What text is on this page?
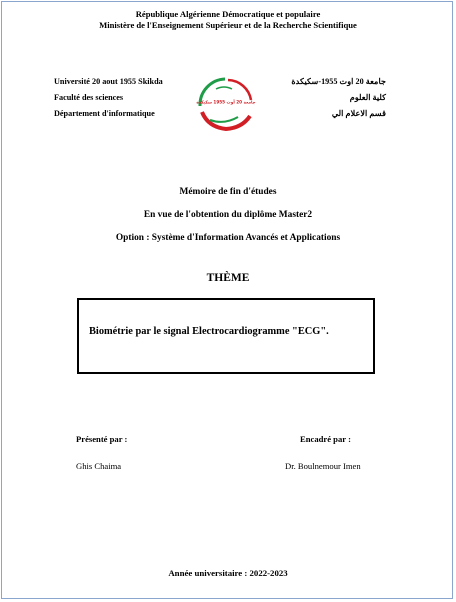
République Algérienne Démocratique et populaire
Ministère de l'Enseignement Supérieur et de la Recherche Scientifique
Université 20 aout 1955 Skikda
Faculté des sciences
Département d'informatique
جامعة 20 أوت 1955 سكيكدة
جامعة 20 اوت 1955-سكيكدة
كلية العلوم
قسم الاعلام الي
Mémoire de fin d'études
En vue de l'obtention du diplôme Master2
Option : Système d'Information Avancés et Applications
THÈME
Biométrie par le signal Electrocardiogramme "ECG".
Présenté par :
Ghis Chaima
Encadré par :
Dr. Boulnemour Imen
Année universitaire : 2022-2023
